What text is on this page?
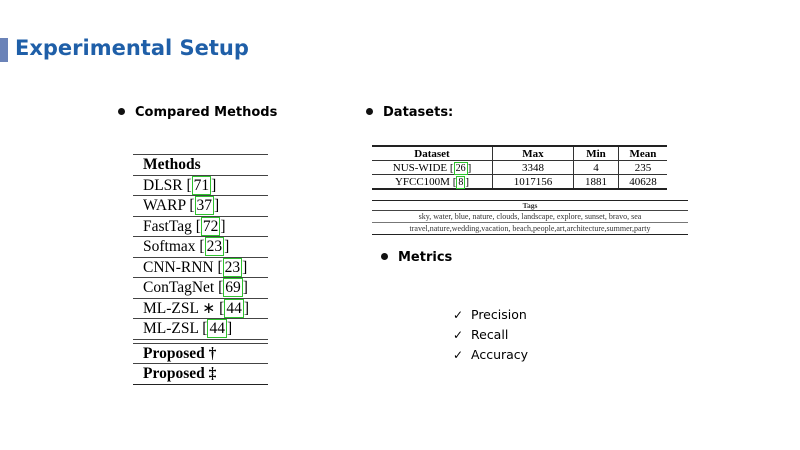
Experimental Setup
Compared Methods	Datasets:
Metrics
Methods
DLSR [ 71 ]
WARP [ 37 ]
FastTag [ 72 ]
Softmax [ 23 ]
CNN-RNN [ 23 ]
ConTagNet [ 69 ]
ML-ZSL ∗ [ 44 ]
ML-ZSL [ 44 ]
Proposed †
Proposed ‡
Dataset	Max	Min	Mean
NUS-WIDE [ 26 ]	3348	4	235
YFCC100M [ 8 ]	1017156	1881	40628
Tags
sky, water, blue, nature, clouds, landscape, explore, sunset, bravo, sea
travel,nature,wedding,vacation, beach,people,art,architecture,summer,party
✓ Precision
✓ Recall
✓ Accuracy
